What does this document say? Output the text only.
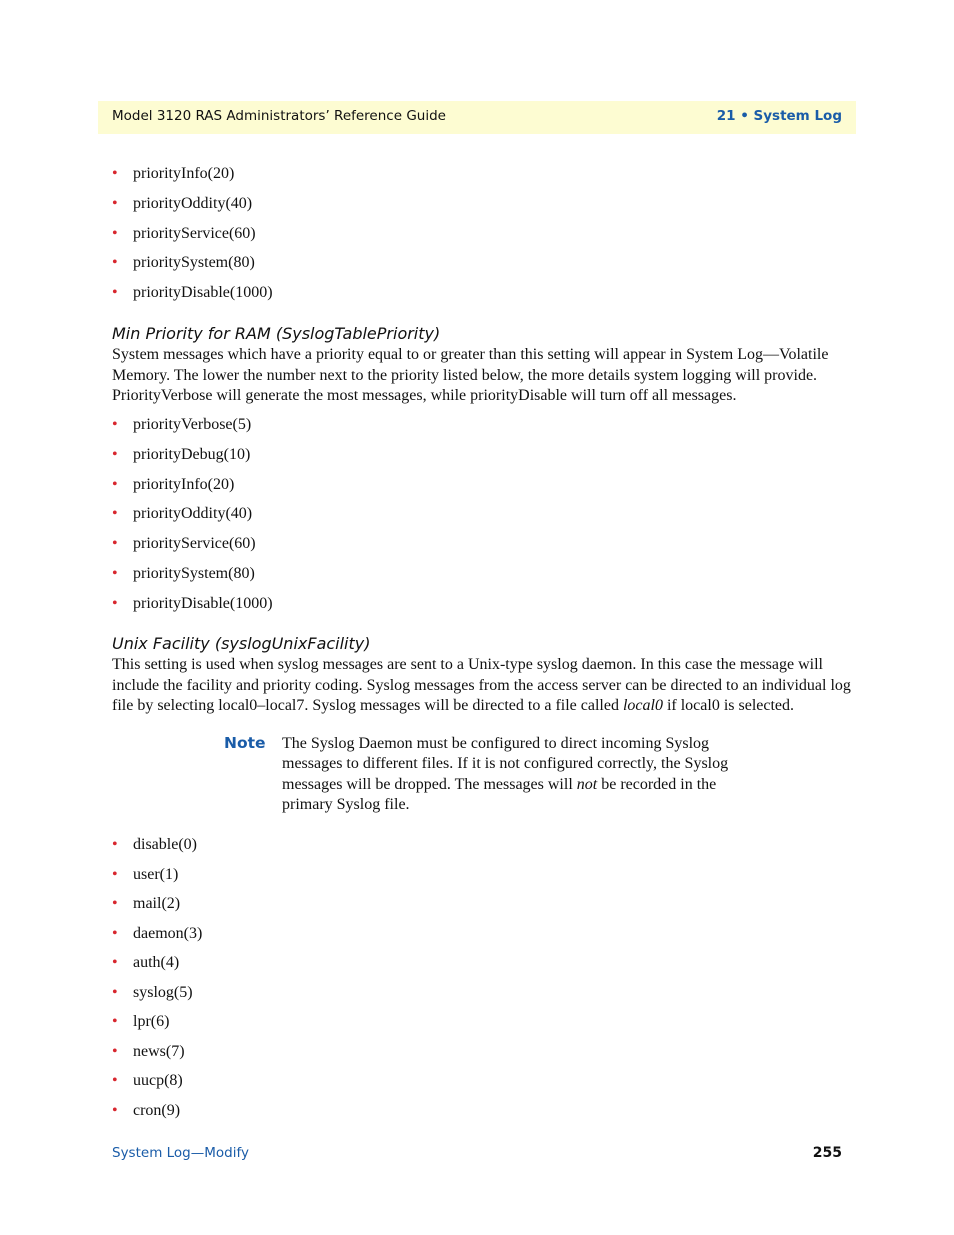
Model 3120 RAS Administrators’ Reference Guide	21 • System Log
• priorityInfo(20)
• priorityOddity(40)
• priorityService(60)
• prioritySystem(80)
• priorityDisable(1000)
Min Priority for RAM (SyslogTablePriority)

System messages which have a priority equal to or greater than this setting will appear in System Log—Volatile Memory. The lower the number next to the priority listed below, the more details system logging will provide. PriorityVerbose will generate the most messages, while priorityDisable will turn off all messages.

• priorityVerbose(5)
• priorityDebug(10)
• priorityInfo(20)
• priorityOddity(40)
• priorityService(60)
• prioritySystem(80)
• priorityDisable(1000)
Unix Facility (syslogUnixFacility)

This setting is used when syslog messages are sent to a Unix-type syslog daemon. In this case the message will include the facility and priority coding. Syslog messages from the access server can be directed to an individual log file by selecting local0–local7. Syslog messages will be directed to a file called local0 if local0 is selected.

Note The Syslog Daemon must be configured to direct incoming Syslog messages to different files. If it is not configured correctly, the Syslog messages will be dropped. The messages will not be recorded in the primary Syslog file.

• disable(0)
• user(1)
• mail(2)
• daemon(3)
• auth(4)
• syslog(5)
• lpr(6)
• news(7)
• uucp(8)
• cron(9)
System Log—Modify	255
